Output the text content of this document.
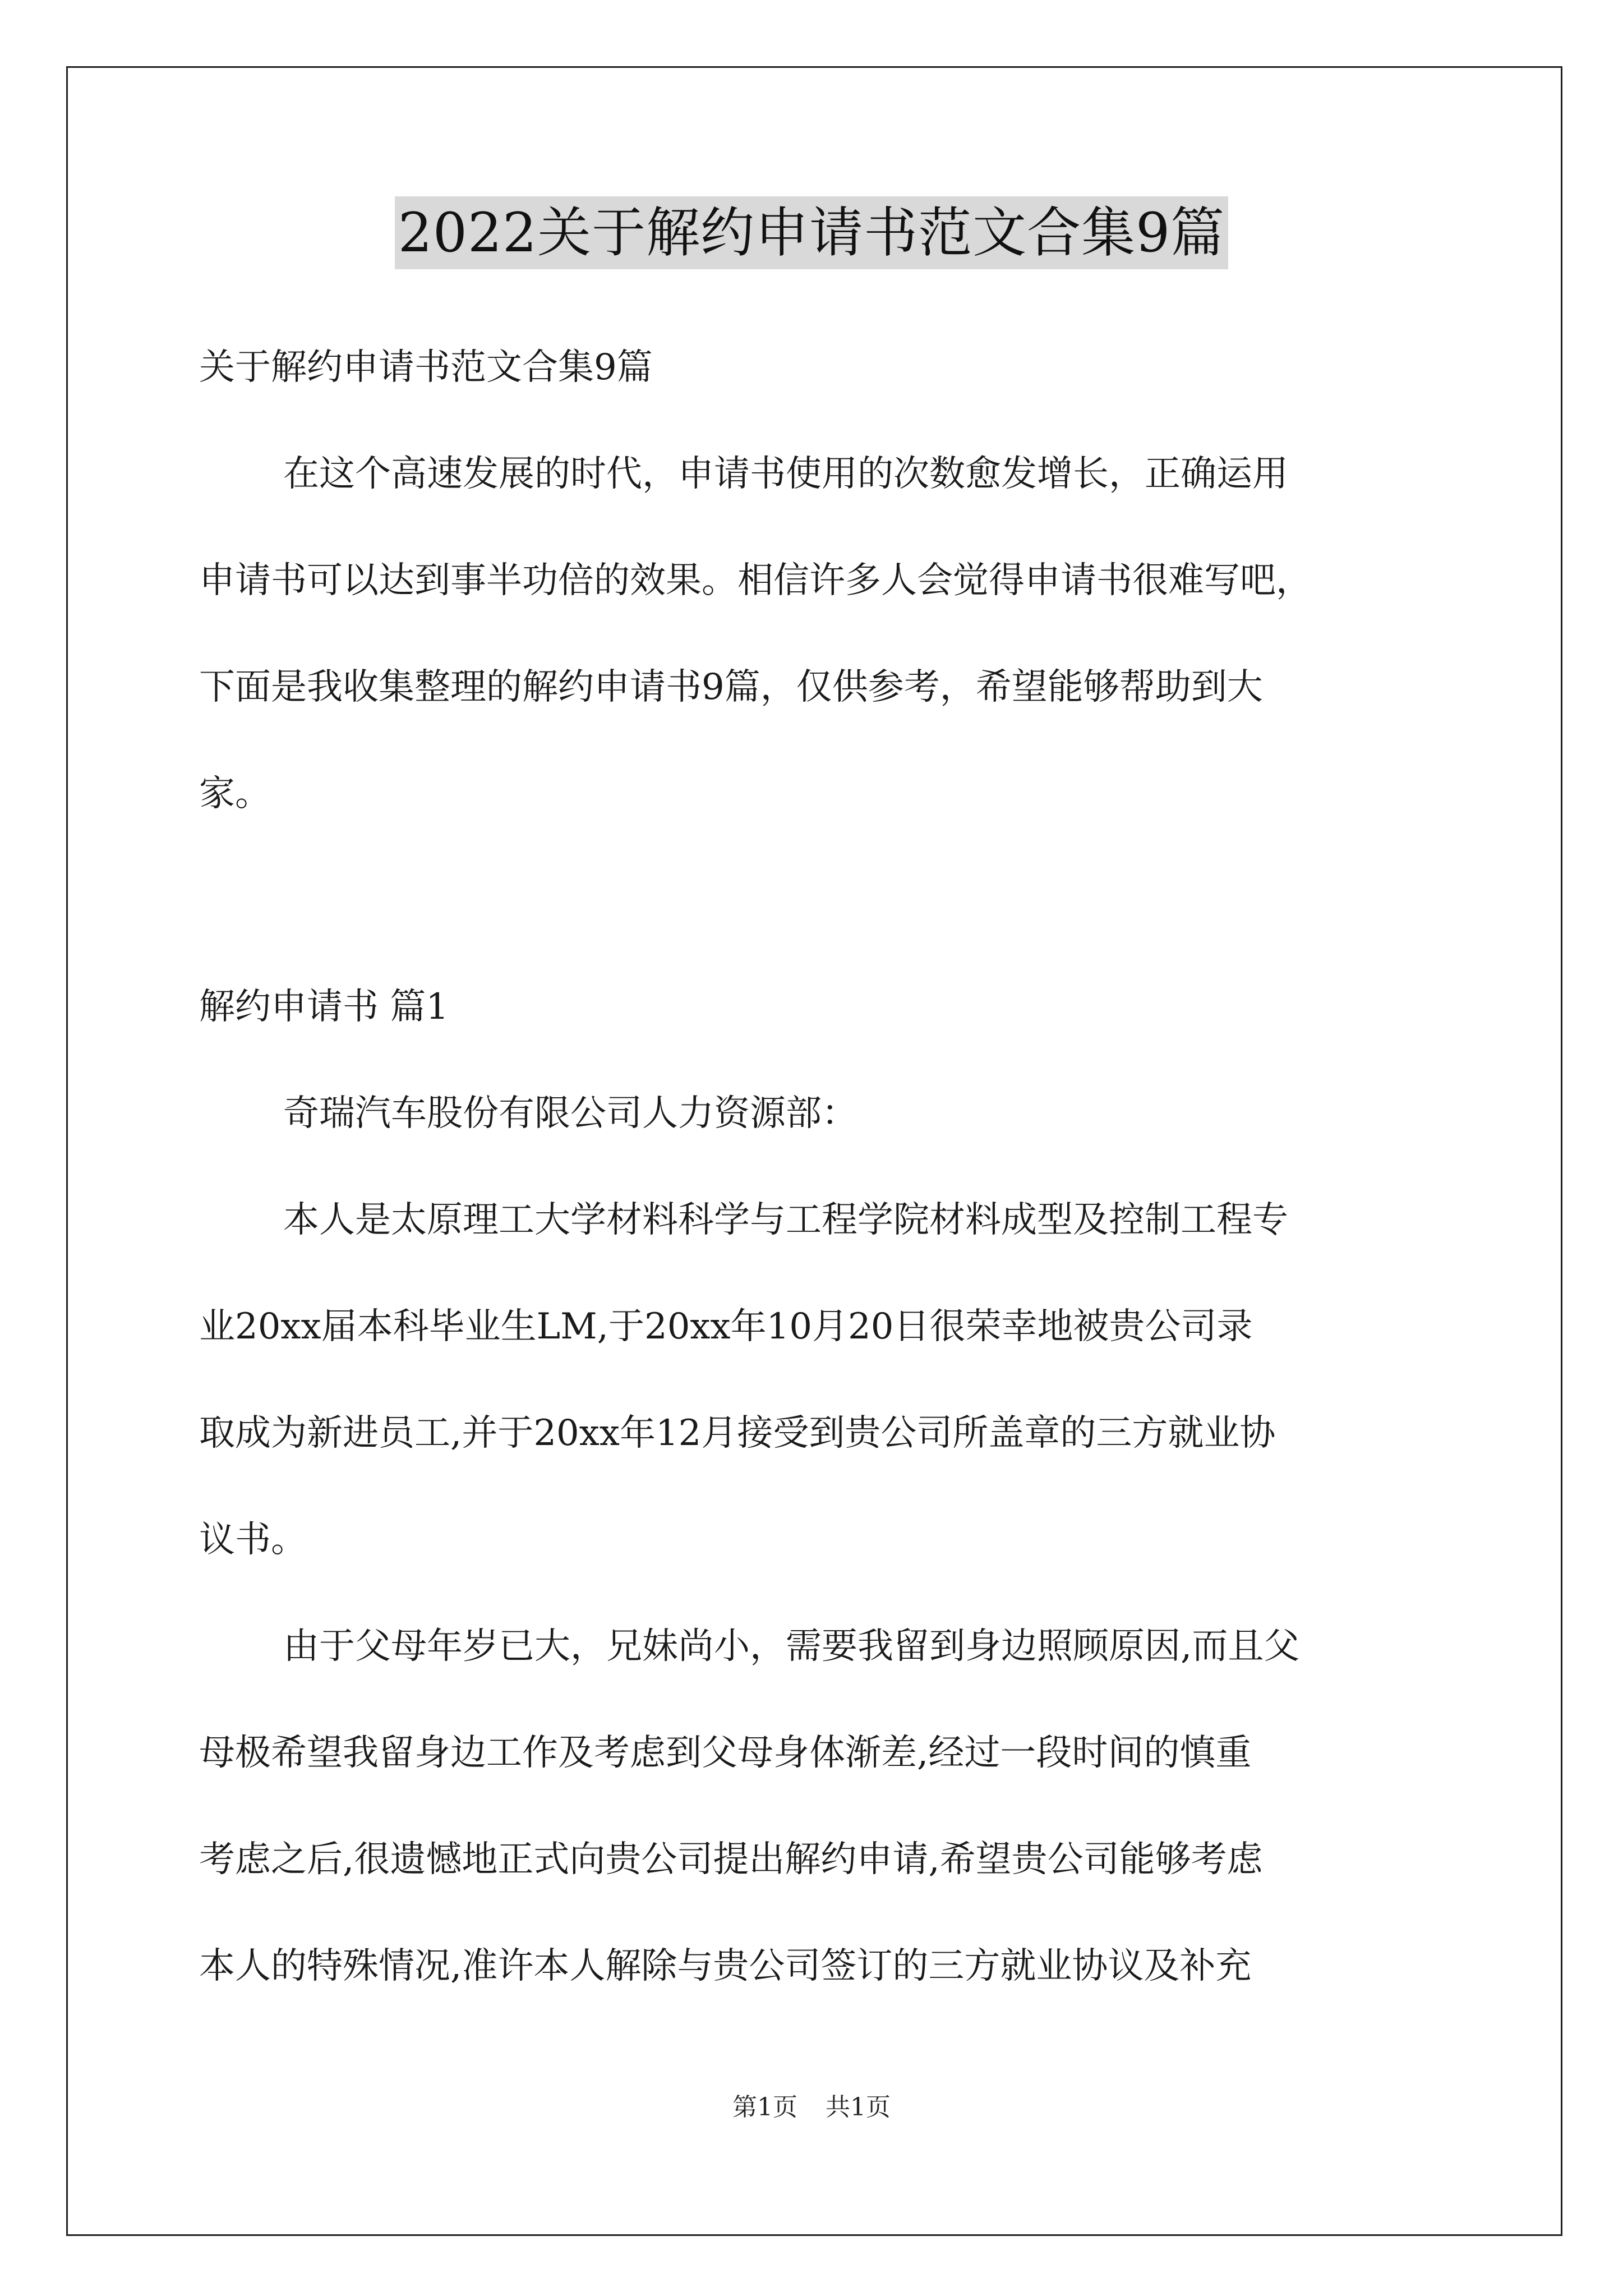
2022关于解约申请书范文合集9篇

关于解约申请书范文合集9篇

在这个高速发展的时代，申请书使用的次数愈发增长，正确运用

申请书可以达到事半功倍的效果。相信许多人会觉得申请书很难写吧，

下面是我收集整理的解约申请书9篇，仅供参考，希望能够帮助到大

家。

解约申请书 篇1

奇瑞汽车股份有限公司人力资源部：

本人是太原理工大学材料科学与工程学院材料成型及控制工程专

业20xx届本科毕业生LM,于20xx年10月20日很荣幸地被贵公司录

取成为新进员工,并于20xx年12月接受到贵公司所盖章的三方就业协

议书。

由于父母年岁已大，兄妹尚小，需要我留到身边照顾原因,而且父

母极希望我留身边工作及考虑到父母身体渐差,经过一段时间的慎重

考虑之后,很遗憾地正式向贵公司提出解约申请,希望贵公司能够考虑

本人的特殊情况,准许本人解除与贵公司签订的三方就业协议及补充

第1页 共1页
